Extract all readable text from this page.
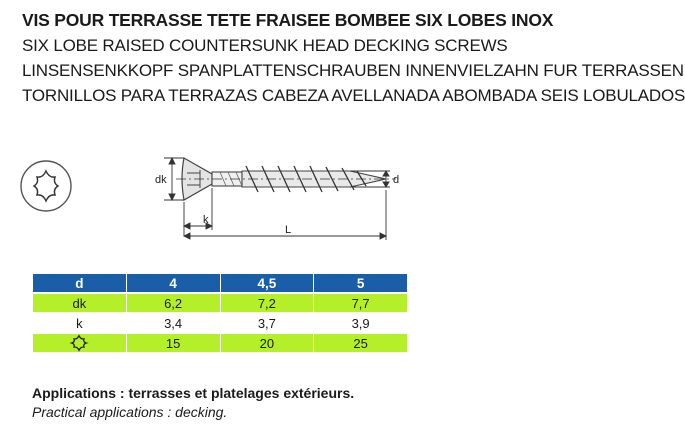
VIS POUR TERRASSE TETE FRAISEE BOMBEE SIX LOBES INOX
SIX LOBE RAISED COUNTERSUNK HEAD DECKING SCREWS
LINSENSENKKOPF SPANPLATTENSCHRAUBEN INNENVIELZAHN FUR TERRASSEN
TORNILLOS PARA TERRAZAS CABEZA AVELLANADA ABOMBADA SEIS LOBULADOS
dk	d
k
L
d	4	4,5	5

dk	6,2	7,2	7,7

k	3,4	3,7	3,9

	15	20	25
Applications : terrasses et platelages extérieurs.
Practical applications : decking.
